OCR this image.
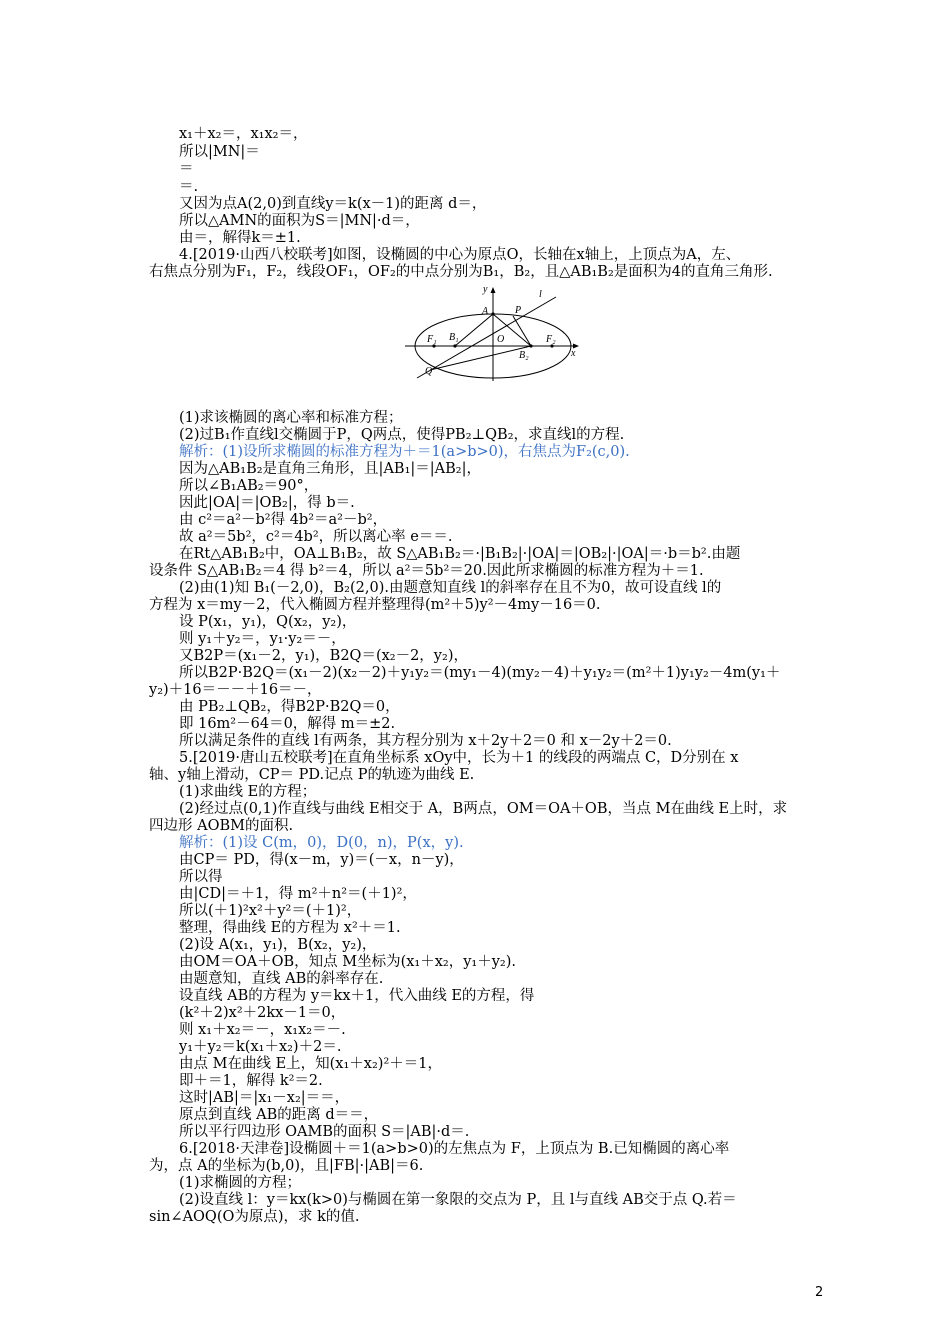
x₁＋x₂＝，x₁x₂＝，
所以|MN|＝
＝
＝.
又因为点A(2,0)到直线y＝k(x－1)的距离 d＝，
所以△AMN的面积为S＝|MN|·d＝，
由＝，解得k＝±1.
4.[2019·山西八校联考]如图，设椭圆的中心为原点O，长轴在x轴上，上顶点为A，左、
右焦点分别为F₁，F₂，线段OF₁，OF₂的中点分别为B₁，B₂，且△AB₁B₂是面积为4的直角三角形.
y	l
A	P
F₁ B₁	O	F₂
B₂	x
Q
(1)求该椭圆的离心率和标准方程；
(2)过B₁作直线l交椭圆于P，Q两点，使得PB₂⊥QB₂，求直线l的方程.
解析：(1)设所求椭圆的标准方程为＋＝1(a>b>0)，右焦点为F₂(c,0).
因为△AB₁B₂是直角三角形，且|AB₁|＝|AB₂|，
所以∠B₁AB₂＝90°，
因此|OA|＝|OB₂|，得 b＝.
由 c²＝a²－b²得 4b²＝a²－b²，
故 a²＝5b²，c²＝4b²，所以离心率 e＝＝.
在Rt△AB₁B₂中，OA⊥B₁B₂，故 S△AB₁B₂＝·|B₁B₂|·|OA|＝|OB₂|·|OA|＝·b＝b².由题
设条件 S△AB₁B₂＝4 得 b²＝4，所以 a²＝5b²＝20.因此所求椭圆的标准方程为＋＝1.
(2)由(1)知 B₁(－2,0)，B₂(2,0).由题意知直线 l的斜率存在且不为0，故可设直线 l的
方程为 x＝my－2，代入椭圆方程并整理得(m²＋5)y²－4my－16＝0.
设 P(x₁，y₁)，Q(x₂，y₂)，
则 y₁＋y₂＝，y₁·y₂＝－，
又B2P＝(x₁－2，y₁)，B2Q＝(x₂－2，y₂)，
所以B2P·B2Q＝(x₁－2)(x₂－2)＋y₁y₂＝(my₁－4)(my₂－4)＋y₁y₂＝(m²＋1)y₁y₂－4m(y₁＋
y₂)＋16＝－－＋16＝－，
由 PB₂⊥QB₂，得B2P·B2Q＝0，
即 16m²－64＝0，解得 m＝±2.
所以满足条件的直线 l有两条，其方程分别为 x＋2y＋2＝0 和 x－2y＋2＝0.
5.[2019·唐山五校联考]在直角坐标系 xOy中，长为＋1 的线段的两端点 C，D分别在 x
轴、y轴上滑动，CP＝ PD.记点 P的轨迹为曲线 E.
(1)求曲线 E的方程；
(2)经过点(0,1)作直线与曲线 E相交于 A，B两点，OM＝OA＋OB，当点 M在曲线 E上时，求
四边形 AOBM的面积.
解析：(1)设 C(m，0)，D(0，n)，P(x，y).
由CP＝ PD，得(x－m，y)＝(－x，n－y)，
所以得
由|CD|＝＋1，得 m²＋n²＝(＋1)²，
所以(＋1)²x²＋y²＝(＋1)²，
整理，得曲线 E的方程为 x²＋＝1.
(2)设 A(x₁，y₁)，B(x₂，y₂)，
由OM＝OA＋OB，知点 M坐标为(x₁＋x₂，y₁＋y₂).
由题意知，直线 AB的斜率存在.
设直线 AB的方程为 y＝kx＋1，代入曲线 E的方程，得
(k²＋2)x²＋2kx－1＝0，
则 x₁＋x₂＝－，x₁x₂＝－.
y₁＋y₂＝k(x₁＋x₂)＋2＝.
由点 M在曲线 E上，知(x₁＋x₂)²＋＝1，
即＋＝1，解得 k²＝2.
这时|AB|＝|x₁－x₂|＝＝，
原点到直线 AB的距离 d＝＝，
所以平行四边形 OAMB的面积 S＝|AB|·d＝.
6.[2018·天津卷]设椭圆＋＝1(a>b>0)的左焦点为 F，上顶点为 B.已知椭圆的离心率
为，点 A的坐标为(b,0)，且|FB|·|AB|＝6.
(1)求椭圆的方程；
(2)设直线 l：y＝kx(k>0)与椭圆在第一象限的交点为 P，且 l与直线 AB交于点 Q.若＝
sin∠AOQ(O为原点)，求 k的值.
2
